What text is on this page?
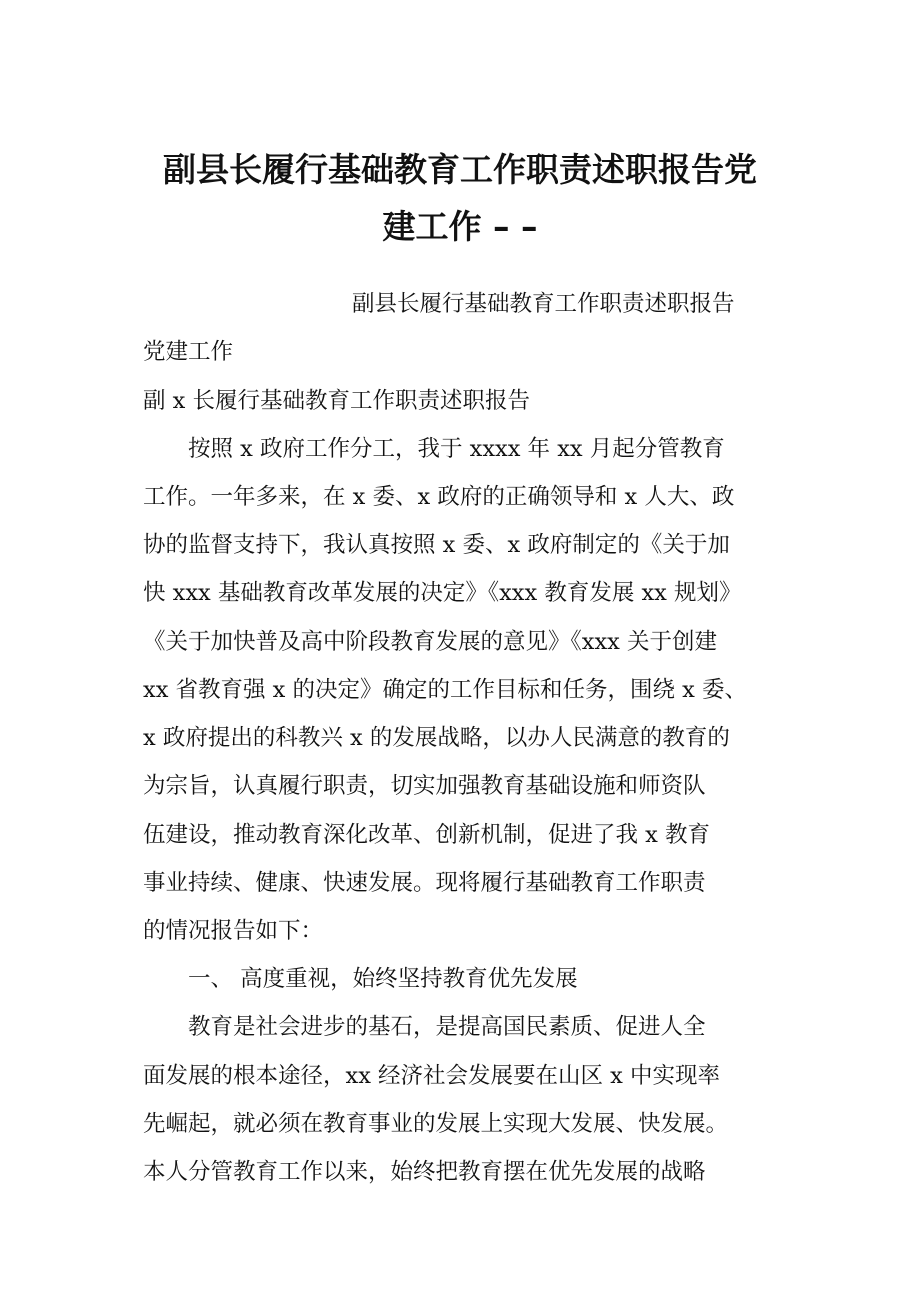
副县长履行基础教育工作职责述职报告党
建工作 – –

副县长履行基础教育工作职责述职报告

党建工作

副 x 长履行基础教育工作职责述职报告

按照 x 政府工作分工，我于 xxxx 年 xx 月起分管教育

工作。一年多来，在 x 委、x 政府的正确领导和 x 人大、政

协的监督支持下，我认真按照 x 委、x 政府制定的《关于加

快 xxx 基础教育改革发展的决定》《xxx 教育发展 xx 规划》

《关于加快普及高中阶段教育发展的意见》《xxx 关于创建

xx 省教育强 x 的决定》确定的工作目标和任务，围绕 x 委、

x 政府提出的科教兴 x 的发展战略，以办人民满意的教育的

为宗旨，认真履行职责，切实加强教育基础设施和师资队

伍建设，推动教育深化改革、创新机制，促进了我 x 教育

事业持续、健康、快速发展。现将履行基础教育工作职责

的情况报告如下：

一、 高度重视，始终坚持教育优先发展

教育是社会进步的基石，是提高国民素质、促进人全

面发展的根本途径，xx 经济社会发展要在山区 x 中实现率

先崛起，就必须在教育事业的发展上实现大发展、快发展。

本人分管教育工作以来，始终把教育摆在优先发展的战略
